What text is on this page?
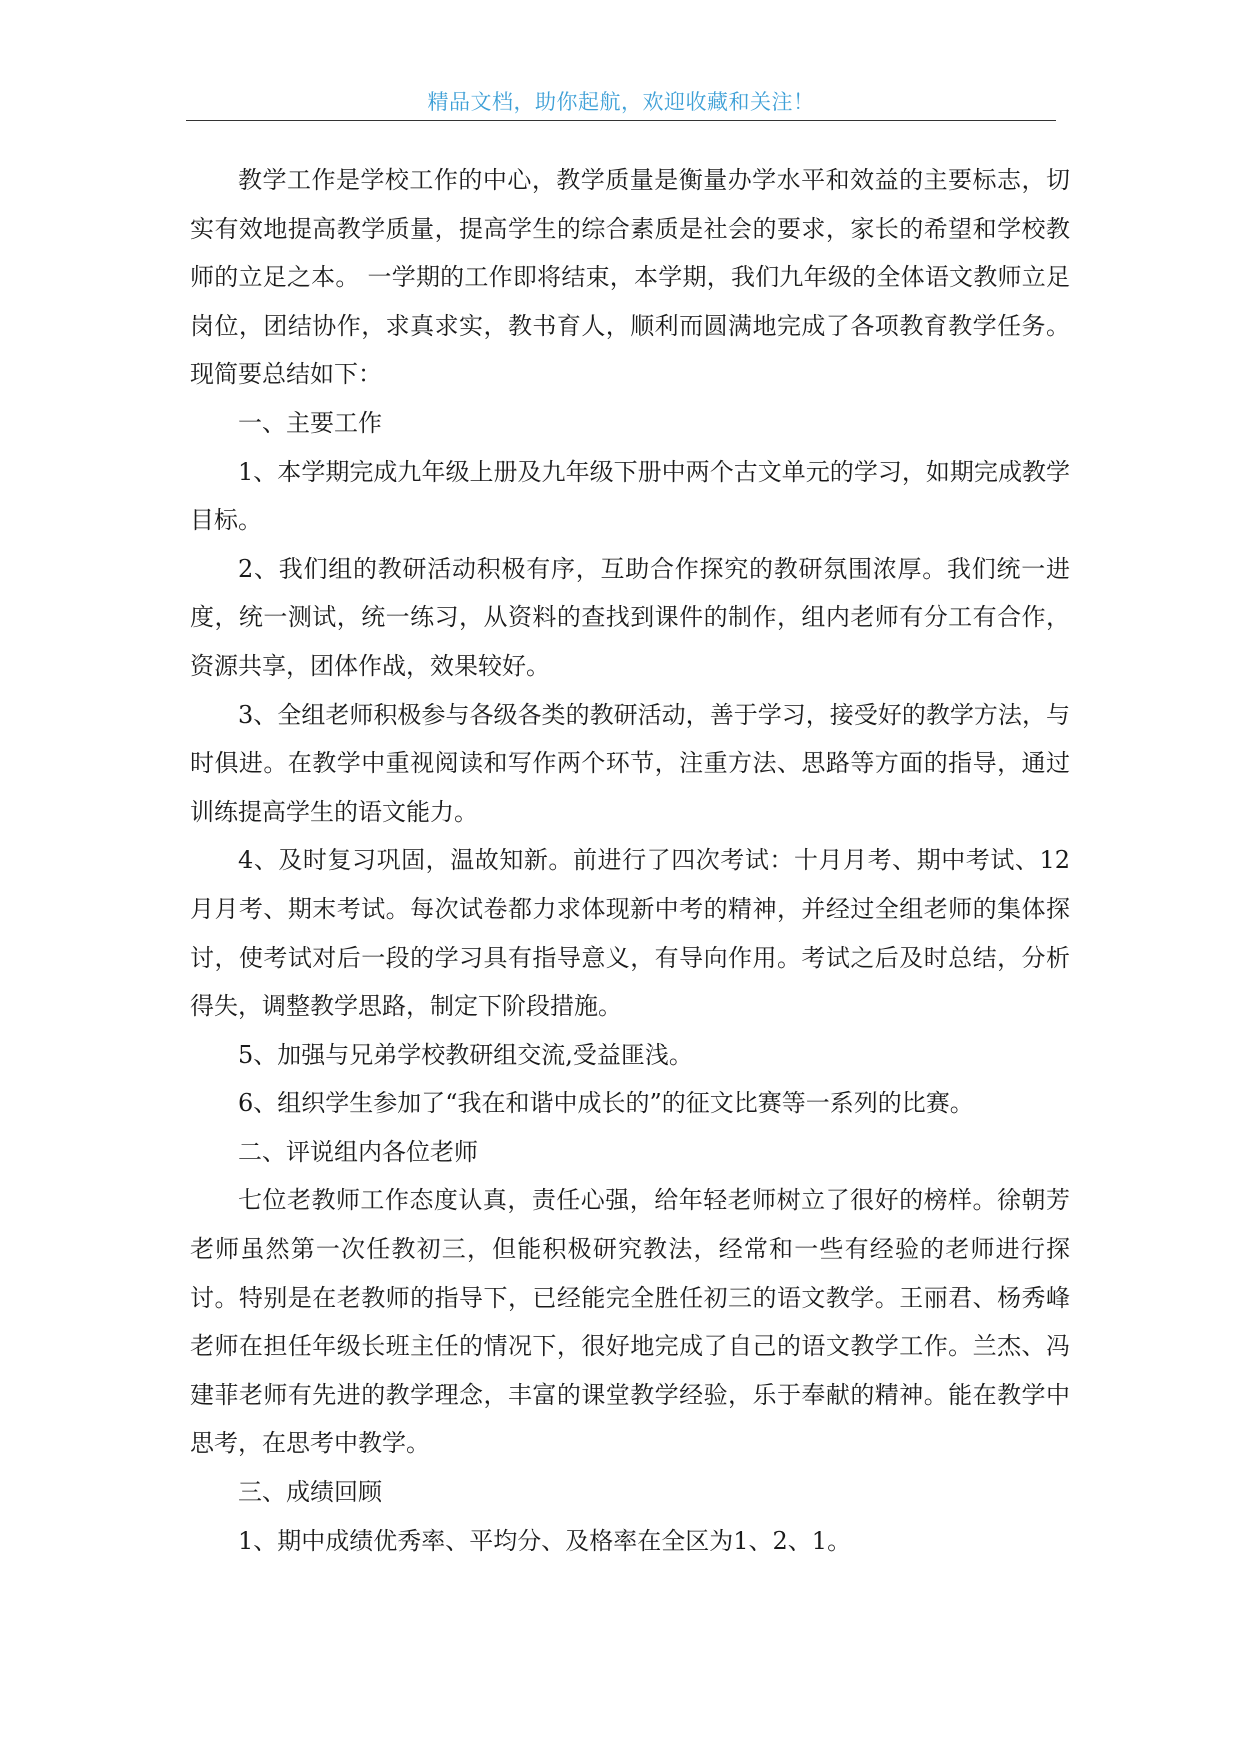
精品文档，助你起航，欢迎收藏和关注！

教学工作是学校工作的中心，教学质量是衡量办学水平和效益的主要标志，切实有效地提高教学质量，提高学生的综合素质是社会的要求，家长的希望和学校教师的立足之本。 一学期的工作即将结束，本学期，我们九年级的全体语文教师立足岗位，团结协作，求真求实，教书育人，顺利而圆满地完成了各项教育教学任务。现简要总结如下：

一、主要工作

1、本学期完成九年级上册及九年级下册中两个古文单元的学习，如期完成教学目标。

2、我们组的教研活动积极有序，互助合作探究的教研氛围浓厚。我们统一进度，统一测试，统一练习，从资料的查找到课件的制作，组内老师有分工有合作，资源共享，团体作战，效果较好。

3、全组老师积极参与各级各类的教研活动，善于学习，接受好的教学方法，与时俱进。在教学中重视阅读和写作两个环节，注重方法、思路等方面的指导，通过训练提高学生的语文能力。

4、及时复习巩固，温故知新。前进行了四次考试：十月月考、期中考试、12月月考、期末考试。每次试卷都力求体现新中考的精神，并经过全组老师的集体探讨，使考试对后一段的学习具有指导意义，有导向作用。考试之后及时总结，分析得失，调整教学思路，制定下阶段措施。

5、加强与兄弟学校教研组交流,受益匪浅。

6、组织学生参加了“我在和谐中成长的”的征文比赛等一系列的比赛。

二、评说组内各位老师

七位老教师工作态度认真，责任心强，给年轻老师树立了很好的榜样。徐朝芳老师虽然第一次任教初三，但能积极研究教法，经常和一些有经验的老师进行探讨。特别是在老教师的指导下，已经能完全胜任初三的语文教学。王丽君、杨秀峰老师在担任年级长班主任的情况下，很好地完成了自己的语文教学工作。兰杰、冯建菲老师有先进的教学理念，丰富的课堂教学经验，乐于奉献的精神。能在教学中思考，在思考中教学。

三、成绩回顾

1、期中成绩优秀率、平均分、及格率在全区为1、2、1。
